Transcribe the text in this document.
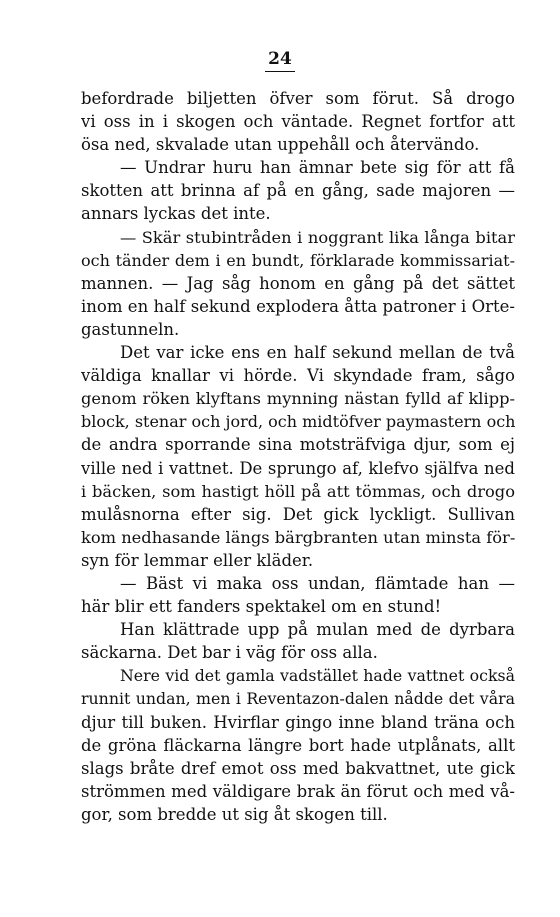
24
befordrade biljetten öfver som förut. Så drogo
vi oss in i skogen och väntade. Regnet fortfor att
ösa ned, skvalade utan uppehåll och återvändo.
— Undrar huru han ämnar bete sig för att få
skotten att brinna af på en gång, sade majoren —
annars lyckas det inte.
— Skär stubintråden i noggrant lika långa bitar
och tänder dem i en bundt, förklarade kommissariat-
mannen. — Jag såg honom en gång på det sättet
inom en half sekund explodera åtta patroner i Orte-
gastunneln.
Det var icke ens en half sekund mellan de två
väldiga knallar vi hörde. Vi skyndade fram, sågo
genom röken klyftans mynning nästan fylld af klipp-
block, stenar och jord, och midtöfver paymastern och
de andra sporrande sina motsträfviga djur, som ej
ville ned i vattnet. De sprungo af, klefvo själfva ned
i bäcken, som hastigt höll på att tömmas, och drogo
mulåsnorna efter sig. Det gick lyckligt. Sullivan
kom nedhasande längs bärgbranten utan minsta för-
syn för lemmar eller kläder.
— Bäst vi maka oss undan, flämtade han —
här blir ett fanders spektakel om en stund!
Han klättrade upp på mulan med de dyrbara
säckarna. Det bar i väg för oss alla.
Nere vid det gamla vadstället hade vattnet också
runnit undan, men i Reventazon-dalen nådde det våra
djur till buken. Hvirflar gingo inne bland träna och
de gröna fläckarna längre bort hade utplånats, allt
slags bråte dref emot oss med bakvattnet, ute gick
strömmen med väldigare brak än förut och med vå-
gor, som bredde ut sig åt skogen till.
